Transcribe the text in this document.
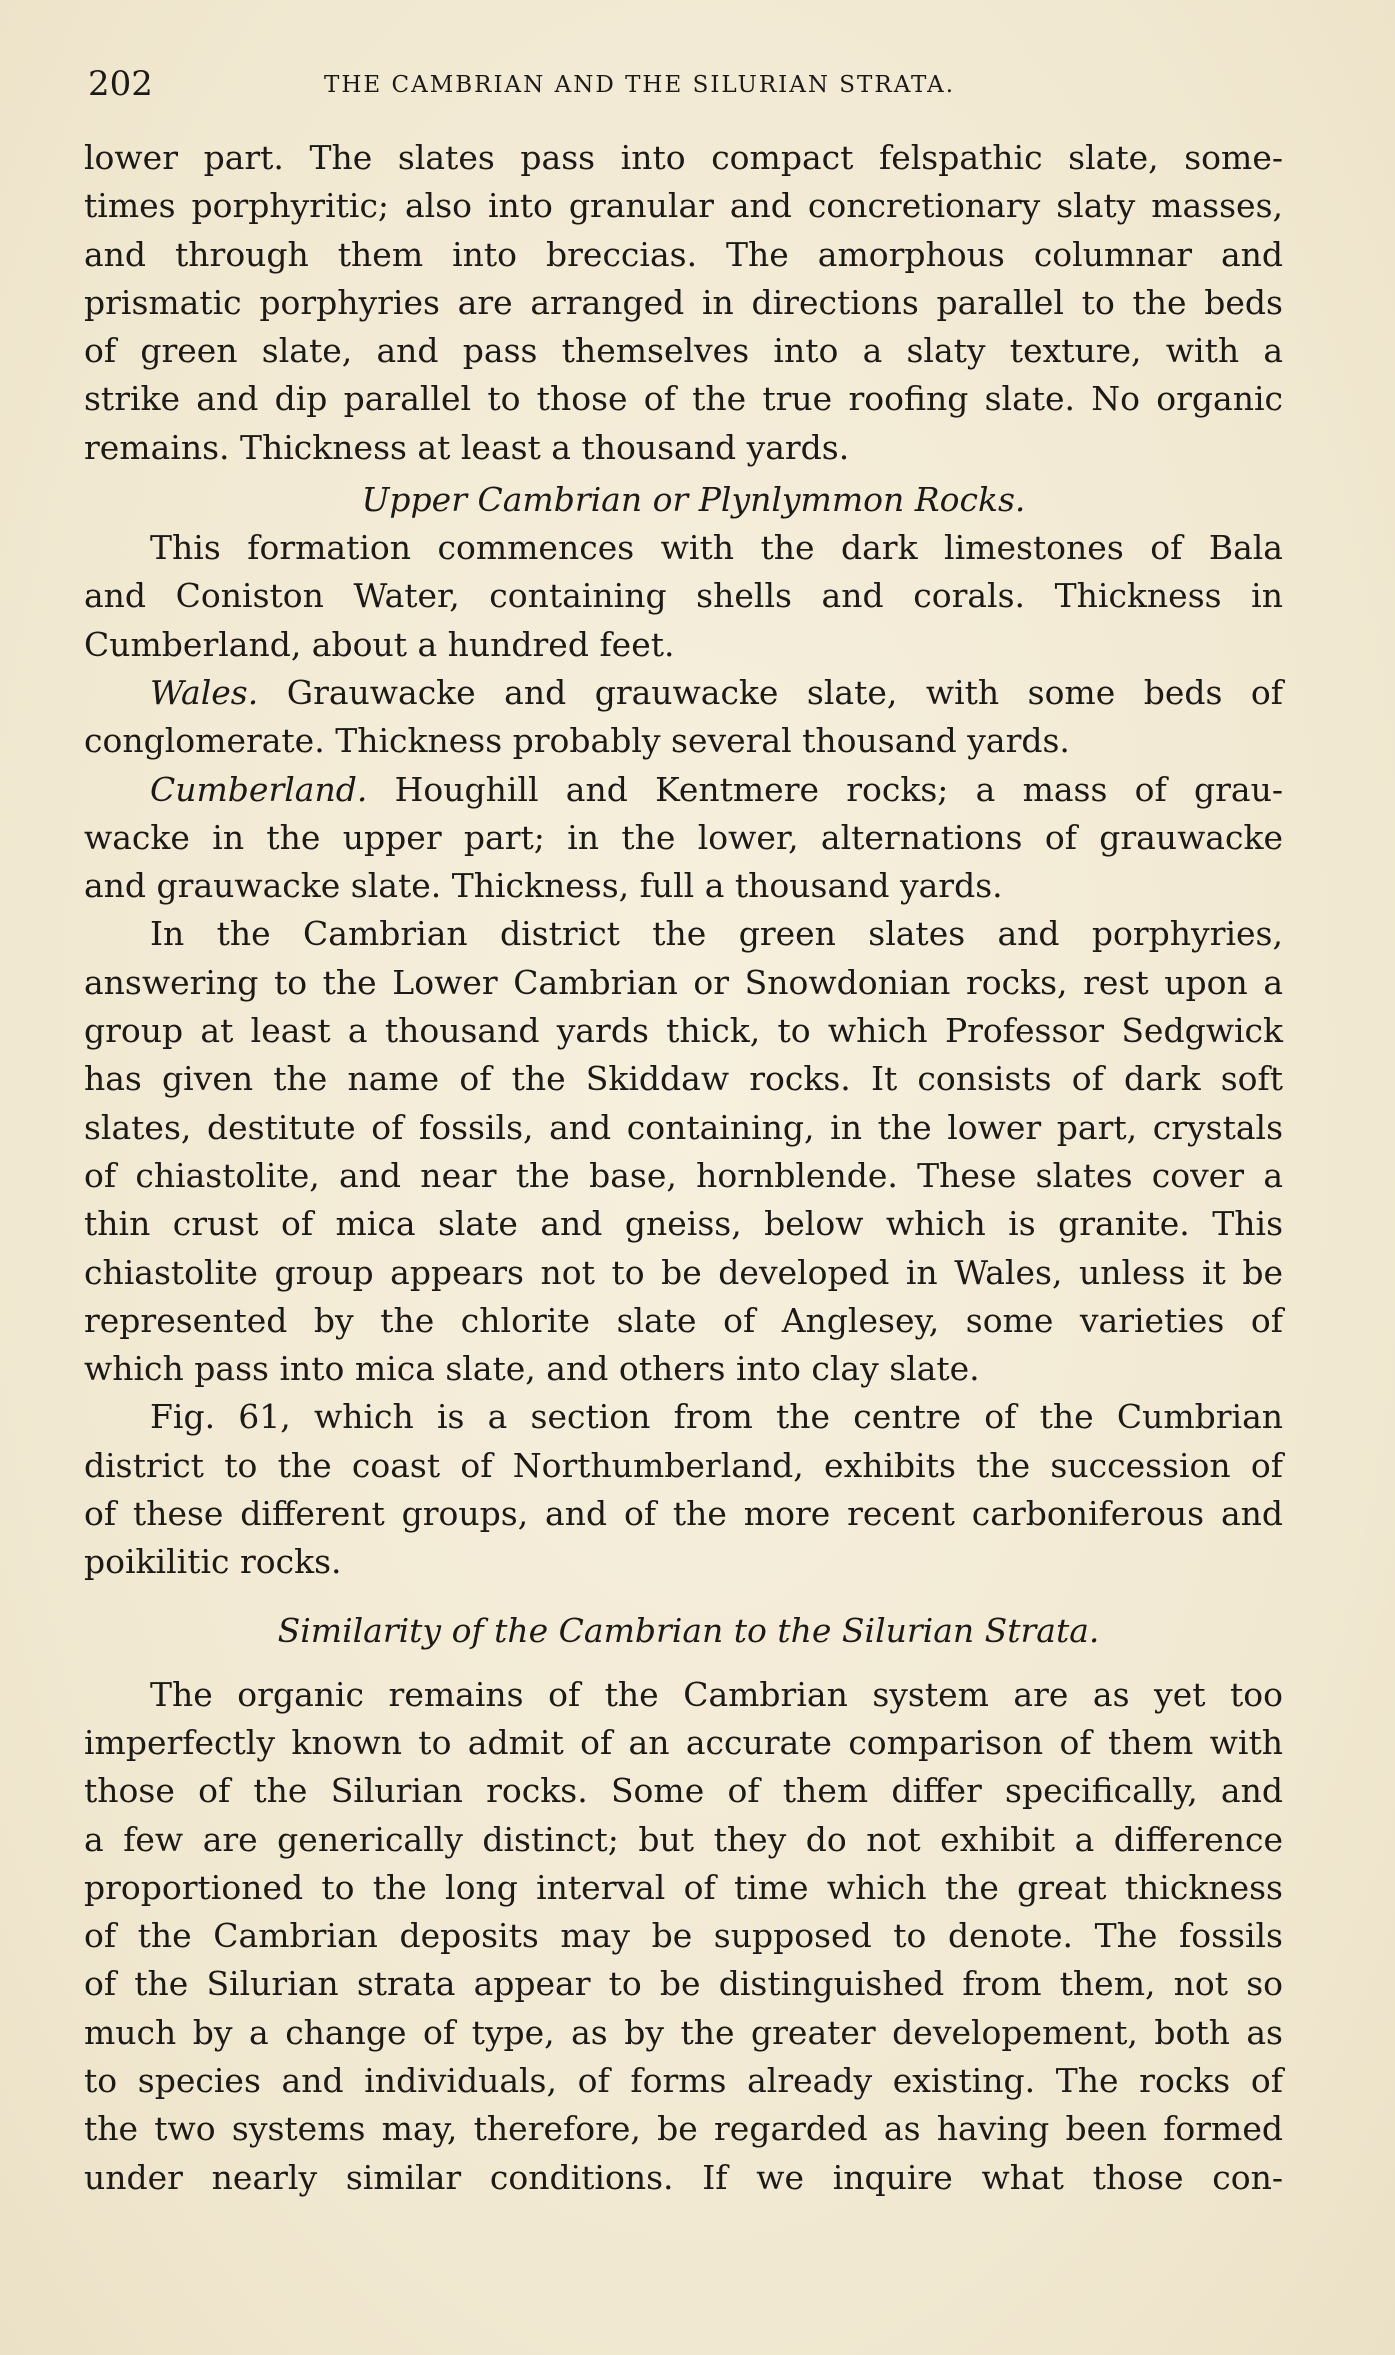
202	THE CAMBRIAN AND THE SILURIAN STRATA.
lower part. The slates pass into compact felspathic slate, some-
times porphyritic; also into granular and concretionary slaty masses,
and through them into breccias. The amorphous columnar and
prismatic porphyries are arranged in directions parallel to the beds
of green slate, and pass themselves into a slaty texture, with a
strike and dip parallel to those of the true roofing slate. No organic
remains. Thickness at least a thousand yards.
Upper Cambrian or Plynlymmon Rocks.
This formation commences with the dark limestones of Bala
and Coniston Water, containing shells and corals. Thickness in
Cumberland, about a hundred feet.
Wales. Grauwacke and grauwacke slate, with some beds of
conglomerate. Thickness probably several thousand yards.
Cumberland. Houghill and Kentmere rocks; a mass of grau-
wacke in the upper part; in the lower, alternations of grauwacke
and grauwacke slate. Thickness, full a thousand yards.
In the Cambrian district the green slates and porphyries,
answering to the Lower Cambrian or Snowdonian rocks, rest upon a
group at least a thousand yards thick, to which Professor Sedgwick
has given the name of the Skiddaw rocks. It consists of dark soft
slates, destitute of fossils, and containing, in the lower part, crystals
of chiastolite, and near the base, hornblende. These slates cover a
thin crust of mica slate and gneiss, below which is granite. This
chiastolite group appears not to be developed in Wales, unless it be
represented by the chlorite slate of Anglesey, some varieties of
which pass into mica slate, and others into clay slate.
Fig. 61, which is a section from the centre of the Cumbrian
district to the coast of Northumberland, exhibits the succession of
of these different groups, and of the more recent carboniferous and
poikilitic rocks.
Similarity of the Cambrian to the Silurian Strata.
The organic remains of the Cambrian system are as yet too
imperfectly known to admit of an accurate comparison of them with
those of the Silurian rocks. Some of them differ specifically, and
a few are generically distinct; but they do not exhibit a difference
proportioned to the long interval of time which the great thickness
of the Cambrian deposits may be supposed to denote. The fossils
of the Silurian strata appear to be distinguished from them, not so
much by a change of type, as by the greater developement, both as
to species and individuals, of forms already existing. The rocks of
the two systems may, therefore, be regarded as having been formed
under nearly similar conditions. If we inquire what those con-
